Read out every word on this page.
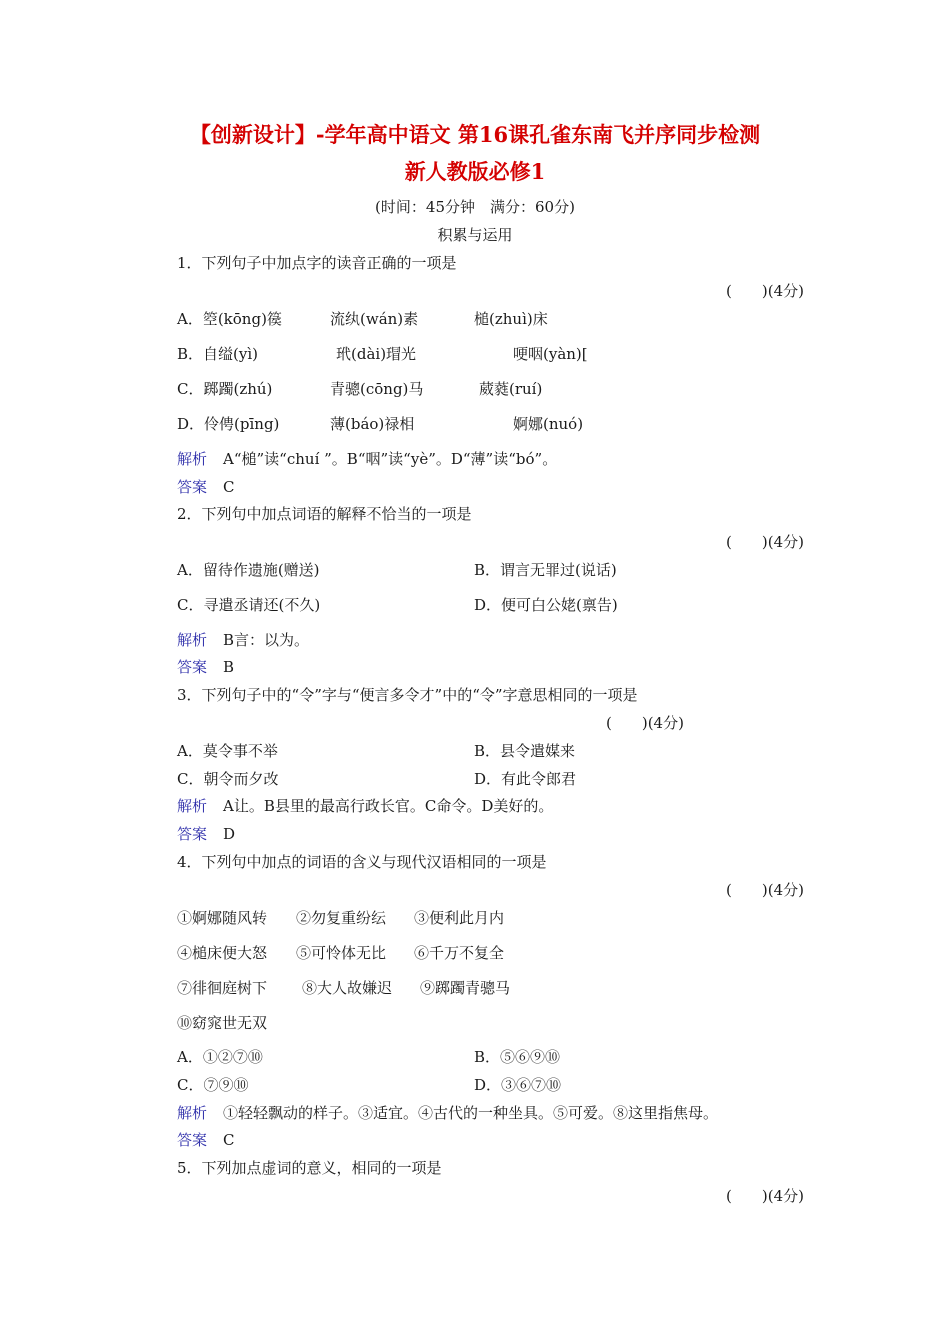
【创新设计】-学年高中语文 第16课孔雀东南飞并序同步检测
新人教版必修1
(时间：45分钟　满分：60分)
积累与运用
1．下列句子中加点字的读音正确的一项是
(　　)(4分)
A．箜(kōng)篌	流纨(wán)素	槌(zhuì)床
B．自缢(yì)	玳(dài)瑁光	哽咽(yàn)[
C．踯躅(zhú)	青骢(cōng)马	葳蕤(ruí)
D．伶俜(pīng)	薄(báo)禄相	婀娜(nuó)
解析 A“槌”读“chuí ”。B“咽”读“yè”。D“薄”读“bó”。
答案 C
2．下列句中加点词语的解释不恰当的一项是
(　　)(4分)
A．留待作遗施(赠送)	B．谓言无罪过(说话)
C．寻遣丞请还(不久)	D．便可白公姥(禀告)
解析 B言：以为。
答案 B
3．下列句子中的“令”字与“便言多令才”中的“令”字意思相同的一项是
(　　)(4分)
A．莫令事不举	B．县令遣媒来
C．朝令而夕改	D．有此令郎君
解析 A让。B县里的最高行政长官。C命令。D美好的。
答案 D
4．下列句中加点的词语的含义与现代汉语相同的一项是
(　　)(4分)
①婀娜随风转 ②勿复重纷纭 ③便利此月内
④槌床便大怒 ⑤可怜体无比 ⑥千万不复全
⑦徘徊庭树下 ⑧大人故嫌迟 ⑨踯躅青骢马
⑩窈窕世无双
A．①②⑦⑩	B．⑤⑥⑨⑩
C．⑦⑨⑩	D．③⑥⑦⑩
解析 ①轻轻飘动的样子。③适宜。④古代的一种坐具。⑤可爱。⑧这里指焦母。
答案 C
5．下列加点虚词的意义，相同的一项是
(　　)(4分)
